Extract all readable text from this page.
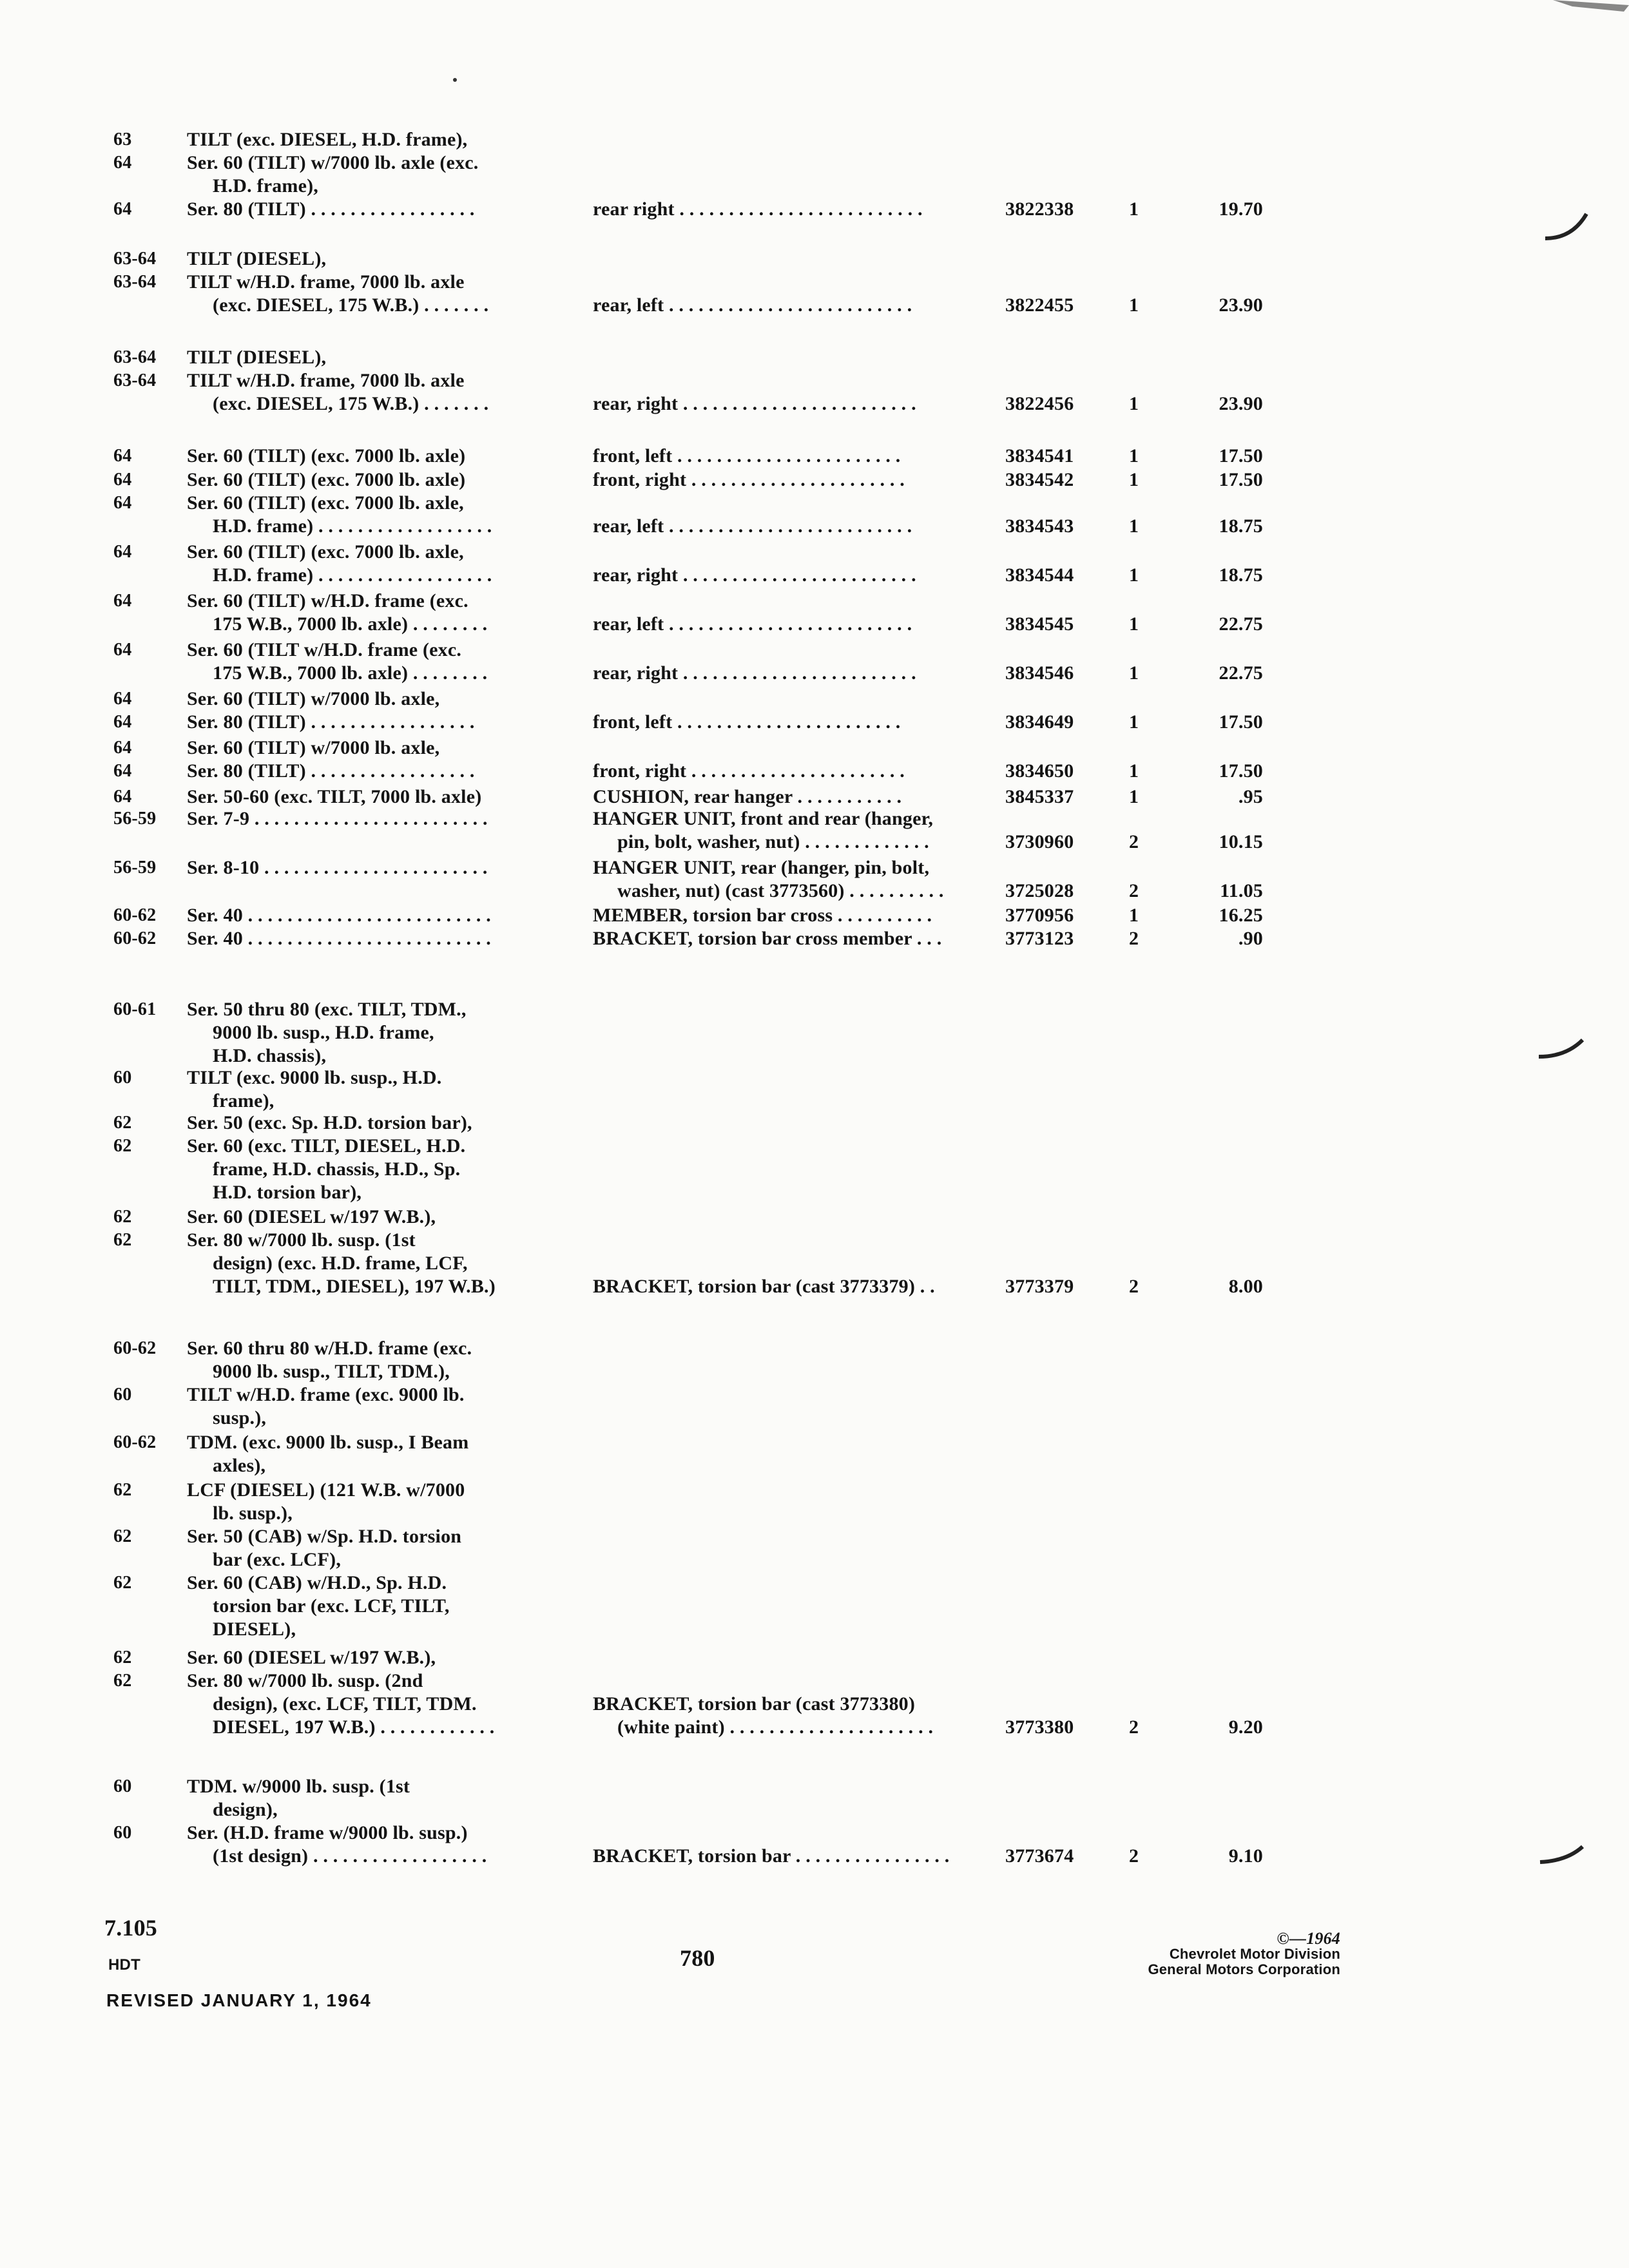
63	TILT (exc. DIESEL, H.D. frame),
64	Ser. 60 (TILT) w/7000 lb. axle (exc.
H.D. frame),
64	Ser. 80 (TILT) . . . . . . . . . . . . . . . . .	rear right . . . . . . . . . . . . . . . . . . . . . . . . .	3822338	1	19.70
63-64 TILT (DIESEL),
63-64 TILT w/H.D. frame, 7000 lb. axle
(exc. DIESEL, 175 W.B.) . . . . . . .	rear, left . . . . . . . . . . . . . . . . . . . . . . . . .	3822455	1	23.90
63-64 TILT (DIESEL),
63-64 TILT w/H.D. frame, 7000 lb. axle
(exc. DIESEL, 175 W.B.) . . . . . . .	rear, right . . . . . . . . . . . . . . . . . . . . . . . .	3822456	1	23.90
64	Ser. 60 (TILT) (exc. 7000 lb. axle)	front, left . . . . . . . . . . . . . . . . . . . . . . .	3834541	1	17.50
64	Ser. 60 (TILT) (exc. 7000 lb. axle)	front, right . . . . . . . . . . . . . . . . . . . . . .	3834542	1	17.50
64	Ser. 60 (TILT) (exc. 7000 lb. axle,
H.D. frame) . . . . . . . . . . . . . . . . . .	rear, left . . . . . . . . . . . . . . . . . . . . . . . . .	3834543	1	18.75
64	Ser. 60 (TILT) (exc. 7000 lb. axle,
H.D. frame) . . . . . . . . . . . . . . . . . .	rear, right . . . . . . . . . . . . . . . . . . . . . . . .	3834544	1	18.75
64	Ser. 60 (TILT) w/H.D. frame (exc.
175 W.B., 7000 lb. axle) . . . . . . . .	rear, left . . . . . . . . . . . . . . . . . . . . . . . . .	3834545	1	22.75
64	Ser. 60 (TILT w/H.D. frame (exc.
175 W.B., 7000 lb. axle) . . . . . . . .	rear, right . . . . . . . . . . . . . . . . . . . . . . . .	3834546	1	22.75
64	Ser. 60 (TILT) w/7000 lb. axle,
64	Ser. 80 (TILT) . . . . . . . . . . . . . . . . .	front, left . . . . . . . . . . . . . . . . . . . . . . .	3834649	1	17.50
64	Ser. 60 (TILT) w/7000 lb. axle,
64	Ser. 80 (TILT) . . . . . . . . . . . . . . . . .	front, right . . . . . . . . . . . . . . . . . . . . . .	3834650	1	17.50
64	Ser. 50-60 (exc. TILT, 7000 lb. axle)	CUSHION, rear hanger . . . . . . . . . . .	3845337	1	.95
56-59 Ser. 7-9 . . . . . . . . . . . . . . . . . . . . . . . .	HANGER UNIT, front and rear (hanger,
pin, bolt, washer, nut) . . . . . . . . . . . . .	3730960	2	10.15
56-59 Ser. 8-10 . . . . . . . . . . . . . . . . . . . . . . .	HANGER UNIT, rear (hanger, pin, bolt,
washer, nut) (cast 3773560) . . . . . . . . . .	3725028	2	11.05
60-62 Ser. 40 . . . . . . . . . . . . . . . . . . . . . . . . .	MEMBER, torsion bar cross . . . . . . . . . .	3770956	1	16.25
60-62 Ser. 40 . . . . . . . . . . . . . . . . . . . . . . . . .	BRACKET, torsion bar cross member . . .	3773123	2	.90
60-61 Ser. 50 thru 80 (exc. TILT, TDM.,
9000 lb. susp., H.D. frame,
H.D. chassis),
60	TILT (exc. 9000 lb. susp., H.D.
frame),
62	Ser. 50 (exc. Sp. H.D. torsion bar),
62	Ser. 60 (exc. TILT, DIESEL, H.D.
frame, H.D. chassis, H.D., Sp.
H.D. torsion bar),
62	Ser. 60 (DIESEL w/197 W.B.),
62	Ser. 80 w/7000 lb. susp. (1st
design) (exc. H.D. frame, LCF,
TILT, TDM., DIESEL), 197 W.B.)	BRACKET, torsion bar (cast 3773379) . .	3773379	2	8.00
60-62 Ser. 60 thru 80 w/H.D. frame (exc.
9000 lb. susp., TILT, TDM.),
60	TILT w/H.D. frame (exc. 9000 lb.
susp.),
60-62 TDM. (exc. 9000 lb. susp., I Beam
axles),
62	LCF (DIESEL) (121 W.B. w/7000
lb. susp.),
62	Ser. 50 (CAB) w/Sp. H.D. torsion
bar (exc. LCF),
62	Ser. 60 (CAB) w/H.D., Sp. H.D.
torsion bar (exc. LCF, TILT,
DIESEL),
62	Ser. 60 (DIESEL w/197 W.B.),
62	Ser. 80 w/7000 lb. susp. (2nd
design), (exc. LCF, TILT, TDM.	BRACKET, torsion bar (cast 3773380)
DIESEL, 197 W.B.) . . . . . . . . . . . .	(white paint) . . . . . . . . . . . . . . . . . . . . .	3773380	2	9.20
60	TDM. w/9000 lb. susp. (1st
design),
60	Ser. (H.D. frame w/9000 lb. susp.)
(1st design) . . . . . . . . . . . . . . . . . .	BRACKET, torsion bar . . . . . . . . . . . . . . . .	3773674	2	9.10
7.105
HDT	780
REVISED JANUARY 1, 1964
©—1964
Chevrolet Motor Division
General Motors Corporation
